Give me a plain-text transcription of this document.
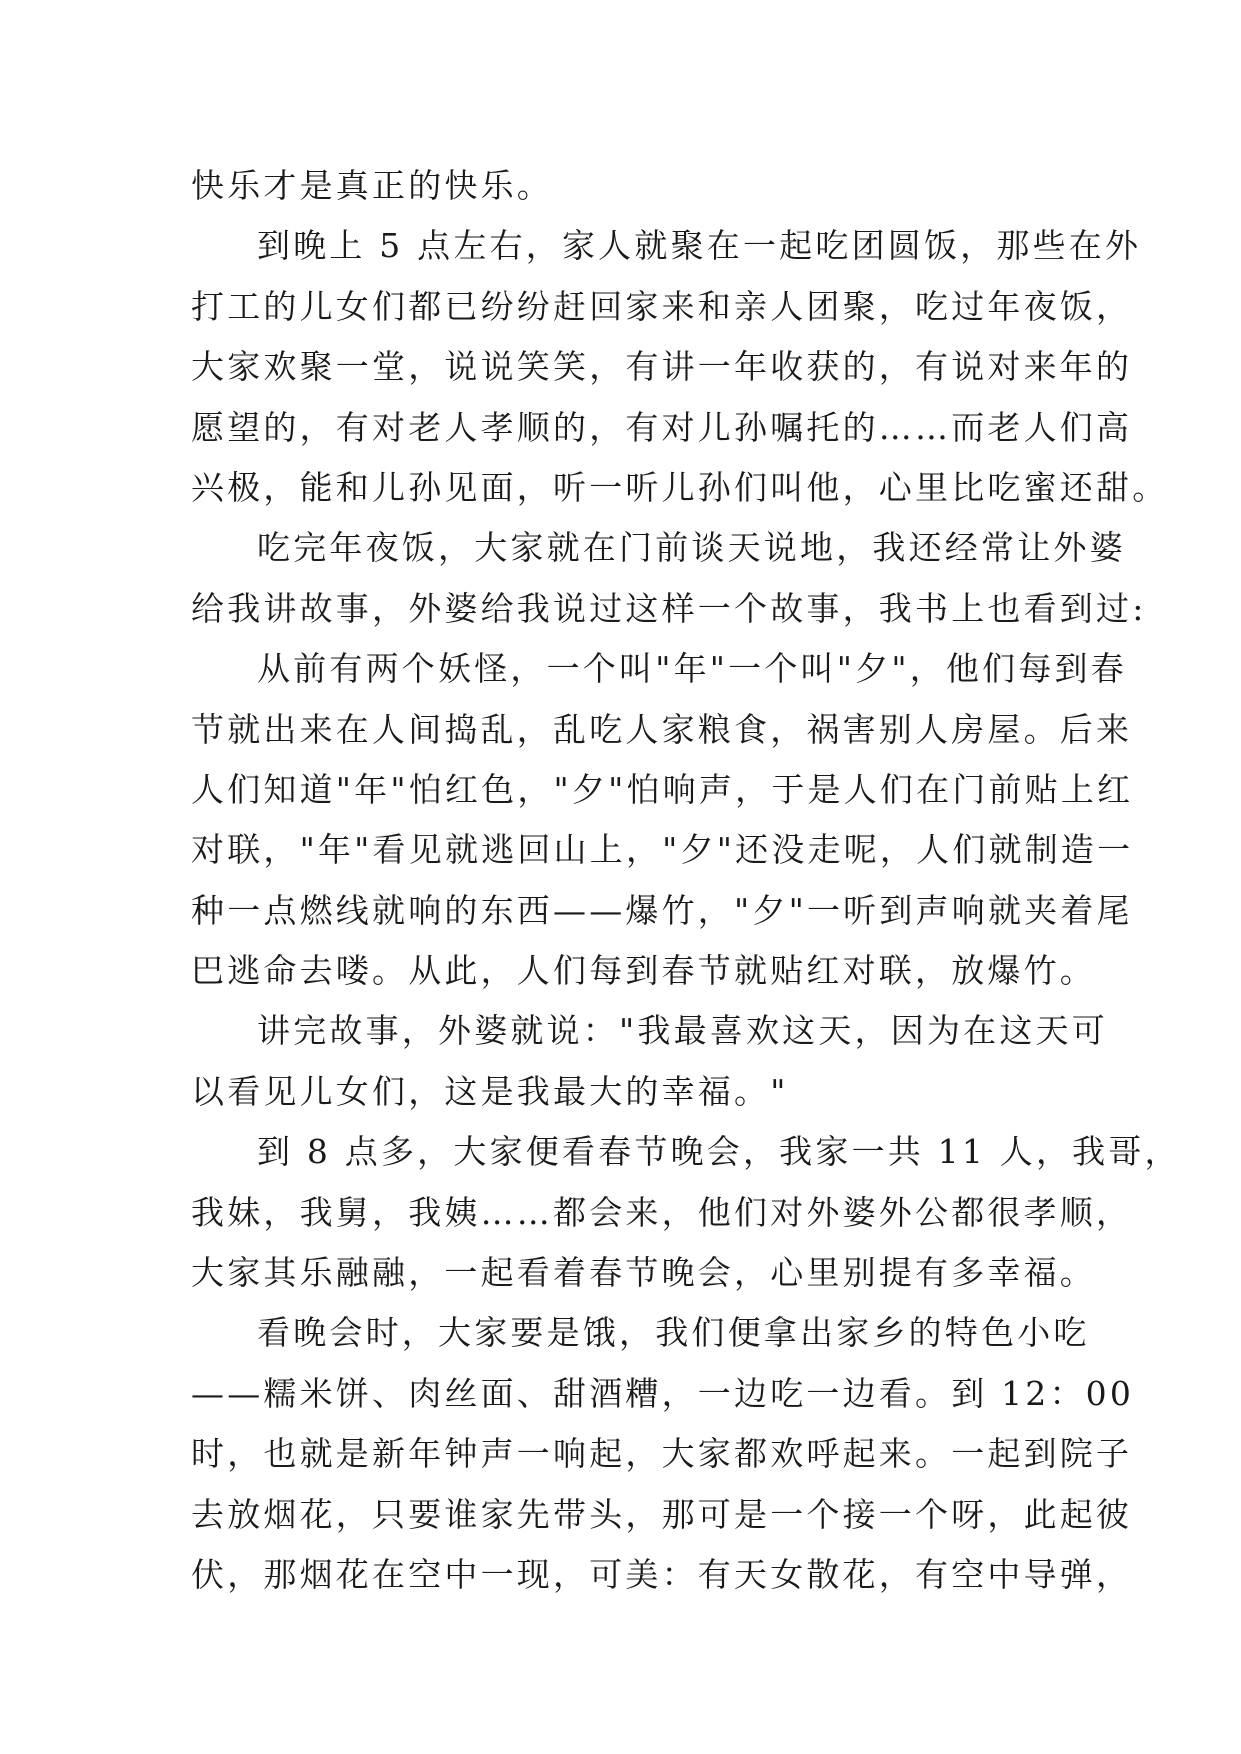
快乐才是真正的快乐。
到晚上 5 点左右，家人就聚在一起吃团圆饭，那些在外
打工的儿女们都已纷纷赶回家来和亲人团聚，吃过年夜饭，
大家欢聚一堂，说说笑笑，有讲一年收获的，有说对来年的
愿望的，有对老人孝顺的，有对儿孙嘱托的……而老人们高
兴极，能和儿孙见面，听一听儿孙们叫他，心里比吃蜜还甜。
吃完年夜饭，大家就在门前谈天说地，我还经常让外婆
给我讲故事，外婆给我说过这样一个故事，我书上也看到过:
从前有两个妖怪，一个叫"年"一个叫"夕"，他们每到春
节就出来在人间捣乱，乱吃人家粮食，祸害别人房屋。后来
人们知道"年"怕红色，"夕"怕响声，于是人们在门前贴上红
对联，"年"看见就逃回山上，"夕"还没走呢，人们就制造一
种一点燃线就响的东西——爆竹，"夕"一听到声响就夹着尾
巴逃命去喽。从此，人们每到春节就贴红对联，放爆竹。
讲完故事，外婆就说："我最喜欢这天，因为在这天可
以看见儿女们，这是我最大的幸福。"
到 8 点多，大家便看春节晚会，我家一共 11 人，我哥，
我妹，我舅，我姨……都会来，他们对外婆外公都很孝顺，
大家其乐融融，一起看着春节晚会，心里别提有多幸福。
看晚会时，大家要是饿，我们便拿出家乡的特色小吃
——糯米饼、肉丝面、甜酒糟，一边吃一边看。到 12：00
时，也就是新年钟声一响起，大家都欢呼起来。一起到院子
去放烟花，只要谁家先带头，那可是一个接一个呀，此起彼
伏，那烟花在空中一现，可美：有天女散花，有空中导弹，
